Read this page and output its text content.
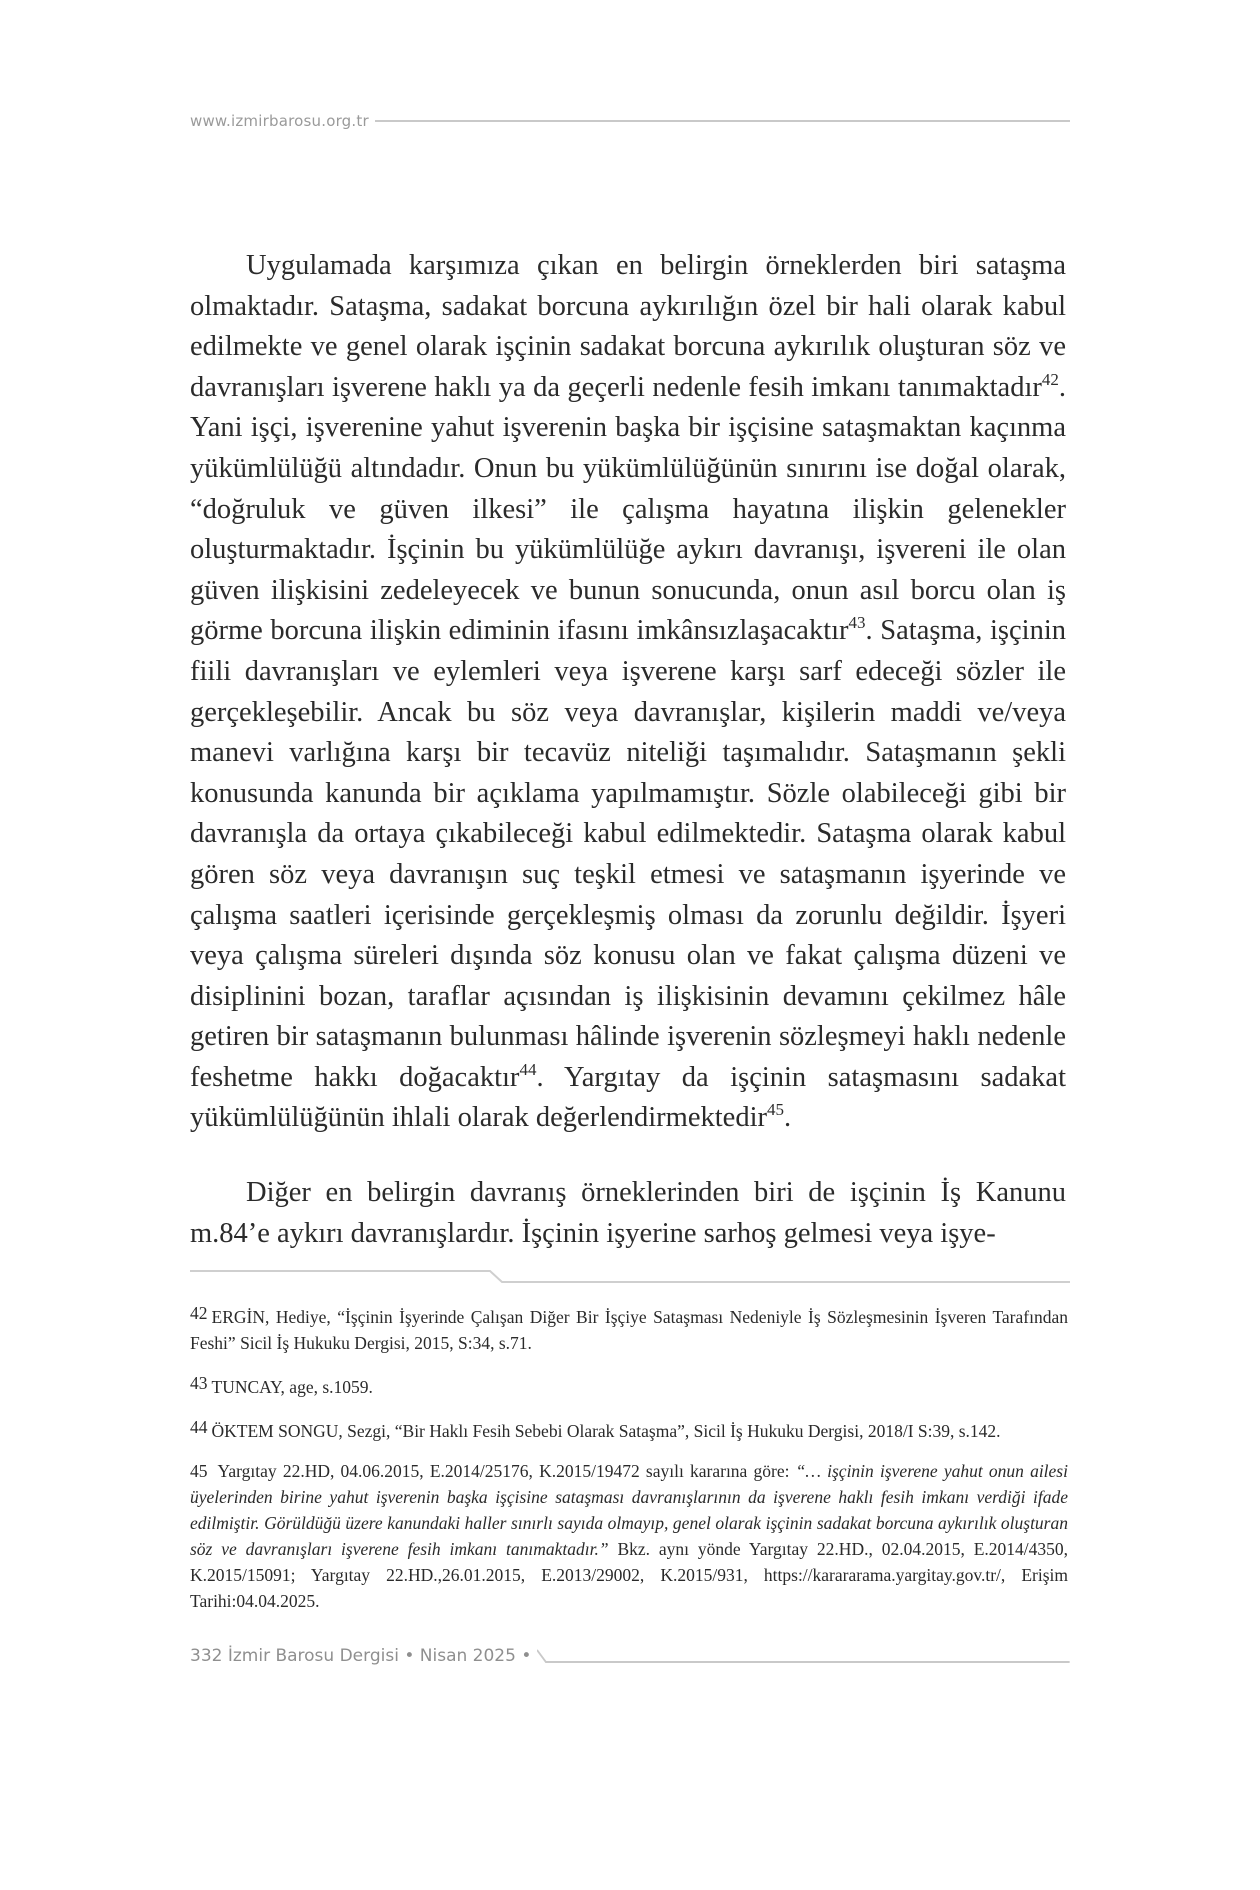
www.izmirbarosu.org.tr

Uygulamada karşımıza çıkan en belirgin örneklerden biri sataşma olmaktadır. Sataşma, sadakat borcuna aykırılığın özel bir hali olarak kabul edilmekte ve genel olarak işçinin sadakat borcuna aykırılık oluşturan söz ve davranışları işverene haklı ya da geçerli nedenle fesih imkanı tanımaktadır$^{42}$. Yani işçi, işverenine yahut işverenin başka bir işçisine sataşmaktan kaçınma yükümlülüğü altındadır. Onun bu yükümlülüğünün sınırını ise doğal olarak, “doğruluk ve güven ilkesi” ile çalışma hayatına ilişkin gelenekler oluşturmaktadır. İşçinin bu yükümlülüğe aykırı davranışı, işvereni ile olan güven ilişkisini zedeleyecek ve bunun sonucunda, onun asıl borcu olan iş görme borcuna ilişkin ediminin ifasını imkânsızlaşacaktır$^{43}$. Sataşma, işçinin fiili davranışları ve eylemleri veya işverene karşı sarf edeceği sözler ile gerçekleşebilir. Ancak bu söz veya davranışlar, kişilerin maddi ve/veya manevi varlığına karşı bir tecavüz niteliği taşımalıdır. Sataşmanın şekli konusunda kanunda bir açıklama yapılmamıştır. Sözle olabileceği gibi bir davranışla da ortaya çıkabileceği kabul edilmektedir. Sataşma olarak kabul gören söz veya davranışın suç teşkil etmesi ve sataşmanın işyerinde ve çalışma saatleri içerisinde gerçekleşmiş olması da zorunlu değildir. İşyeri veya çalışma süreleri dışında söz konusu olan ve fakat çalışma düzeni ve disiplinini bozan, taraflar açısından iş ilişkisinin devamını çekilmez hâle getiren bir sataşmanın bulunması hâlinde işverenin sözleşmeyi haklı nedenle feshetme hakkı doğacaktır$^{44}$. Yargıtay da işçinin sataşmasını sadakat yükümlülüğünün ihlali olarak değerlendirmektedir$^{45}$.

Diğer en belirgin davranış örneklerinden biri de işçinin İş Kanunu m.84’e aykırı davranışlardır. İşçinin işyerine sarhoş gelmesi veya işye-

42 ERGİN, Hediye, “İşçinin İşyerinde Çalışan Diğer Bir İşçiye Sataşması Nedeniyle İş Sözleşmesinin İşveren Tarafından Feshi” Sicil İş Hukuku Dergisi, 2015, S:34, s.71.

43 TUNCAY, age, s.1059.

44 ÖKTEM SONGU, Sezgi, “Bir Haklı Fesih Sebebi Olarak Sataşma”, Sicil İş Hukuku Dergisi, 2018/I S:39, s.142.

45 Yargıtay 22.HD, 04.06.2015, E.2014/25176, K.2015/19472 sayılı kararına göre: “… işçinin işverene yahut onun ailesi üyelerinden birine yahut işverenin başka işçisine sataşması davranışlarının da işverene haklı fesih imkanı verdiği ifade edilmiştir. Görüldüğü üzere kanundaki haller sınırlı sayıda olmayıp, genel olarak işçinin sadakat borcuna aykırılık oluşturan söz ve davranışları işverene fesih imkanı tanımaktadır.” Bkz. aynı yönde Yargıtay 22.HD., 02.04.2015, E.2014/4350, K.2015/15091; Yargıtay 22.HD.,26.01.2015, E.2013/29002, K.2015/931, https://karararama.yargitay.gov.tr/, Erişim Tarihi:04.04.2025.

332 İzmir Barosu Dergisi • Nisan 2025 •
